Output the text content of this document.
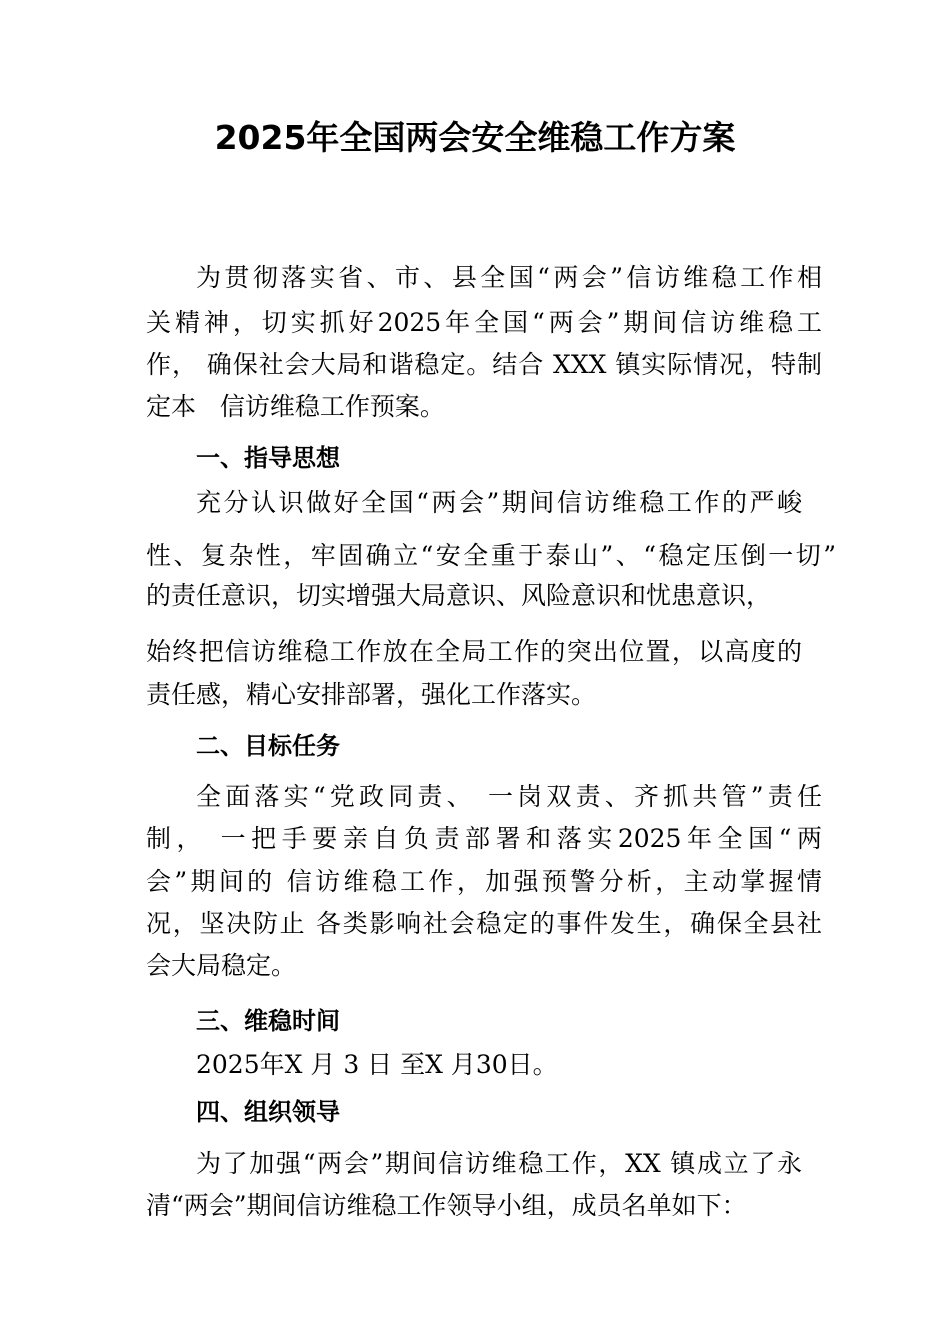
2025年全国两会安全维稳工作方案
为贯彻落实省、市、县全国“两会”信访维稳工作相
关精神，切实抓好2025年全国“两会”期间信访维稳工
作， 确保社会大局和谐稳定。结合 XXX 镇实际情况，特制
定本   信访维稳工作预案。
一、指导思想
充分认识做好全国“两会”期间信访维稳工作的严峻
性、复杂性，牢固确立“安全重于泰山”、“稳定压倒一切”
的责任意识，切实增强大局意识、风险意识和忧患意识，
始终把信访维稳工作放在全局工作的突出位置，以高度的
责任感，精心安排部署，强化工作落实。
二、目标任务
全面落实“党政同责、 一岗双责、齐抓共管”责任
制， 一把手要亲自负责部署和落实2025年全国“两
会”期间的 信访维稳工作，加强预警分析，主动掌握情
况，坚决防止 各类影响社会稳定的事件发生，确保全县社
会大局稳定。
三、维稳时间
2025年X 月 3 日 至X 月30日。
四、组织领导
为了加强“两会”期间信访维稳工作，XX 镇成立了永
清“两会”期间信访维稳工作领导小组，成员名单如下：
